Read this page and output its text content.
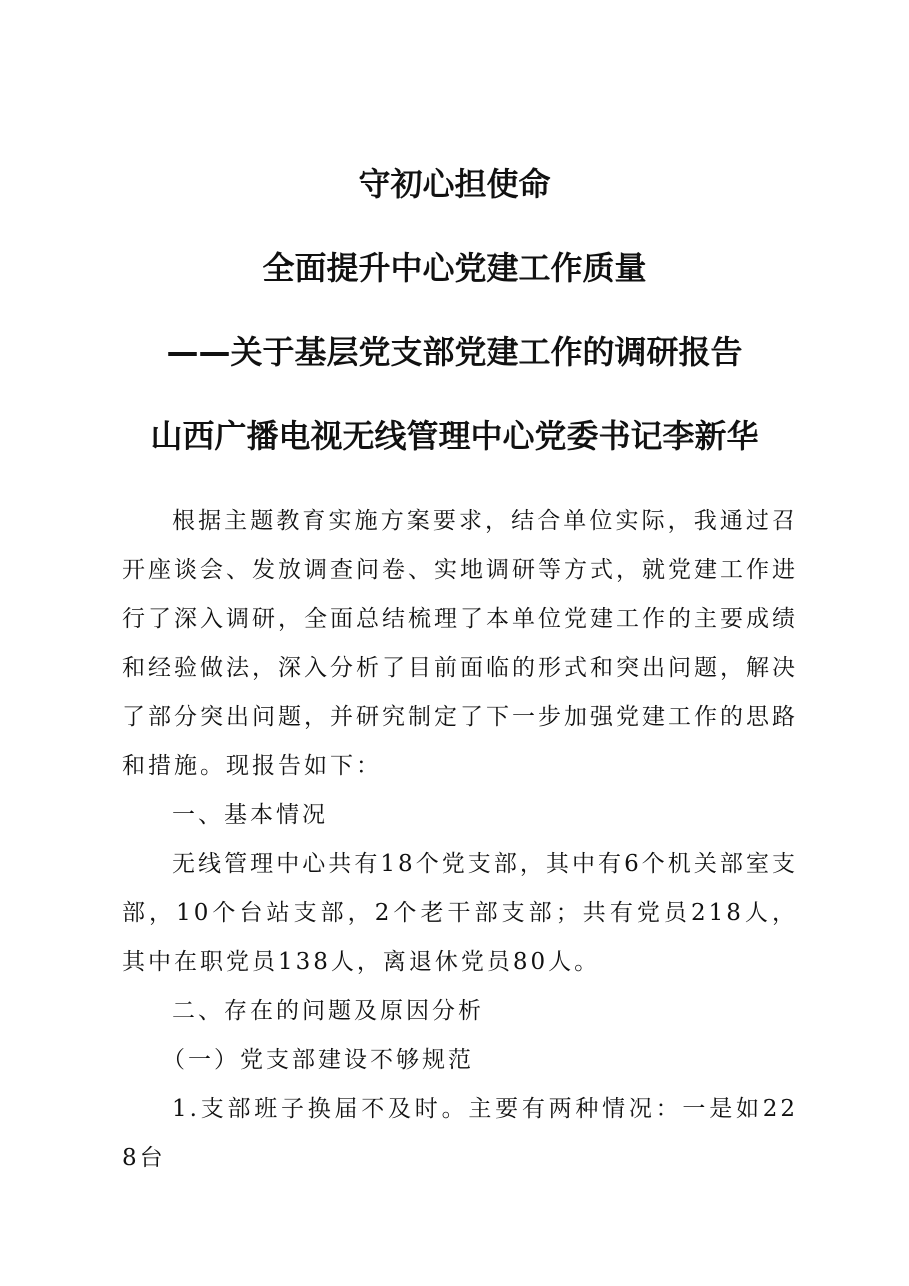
守初心担使命
全面提升中心党建工作质量
——关于基层党支部党建工作的调研报告
山西广播电视无线管理中心党委书记李新华

根据主题教育实施方案要求，结合单位实际，我通过召开座谈会、发放调查问卷、实地调研等方式，就党建工作进行了深入调研，全面总结梳理了本单位党建工作的主要成绩和经验做法，深入分析了目前面临的形式和突出问题，解决了部分突出问题，并研究制定了下一步加强党建工作的思路和措施。现报告如下：

一、基本情况

无线管理中心共有18个党支部，其中有6个机关部室支部，10个台站支部，2个老干部支部；共有党员218人，其中在职党员138人，离退休党员80人。

二、存在的问题及原因分析

（一）党支部建设不够规范

1.支部班子换届不及时。主要有两种情况：一是如228台
